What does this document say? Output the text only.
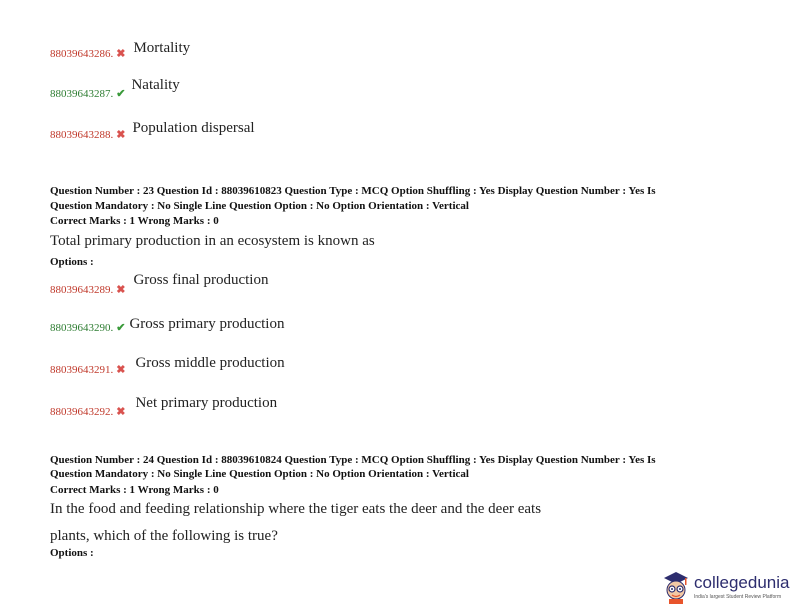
88039643286. ✖ Mortality
88039643287. ✔ Natality
88039643288. ✖ Population dispersal
Question Number : 23 Question Id : 88039610823 Question Type : MCQ Option Shuffling : Yes Display Question Number : Yes Is
Question Mandatory : No Single Line Question Option : No Option Orientation : Vertical
Correct Marks : 1 Wrong Marks : 0
Total primary production in an ecosystem is known as
Options :
88039643289. ✖ Gross final production
88039643290. ✔ Gross primary production
88039643291. ✖ Gross middle production
88039643292. ✖ Net primary production
Question Number : 24 Question Id : 88039610824 Question Type : MCQ Option Shuffling : Yes Display Question Number : Yes Is
Question Mandatory : No Single Line Question Option : No Option Orientation : Vertical
Correct Marks : 1 Wrong Marks : 0
In the food and feeding relationship where the tiger eats the deer and the deer eats
plants, which of the following is true?
Options :
collegedunia
India's largest Student Review Platform
